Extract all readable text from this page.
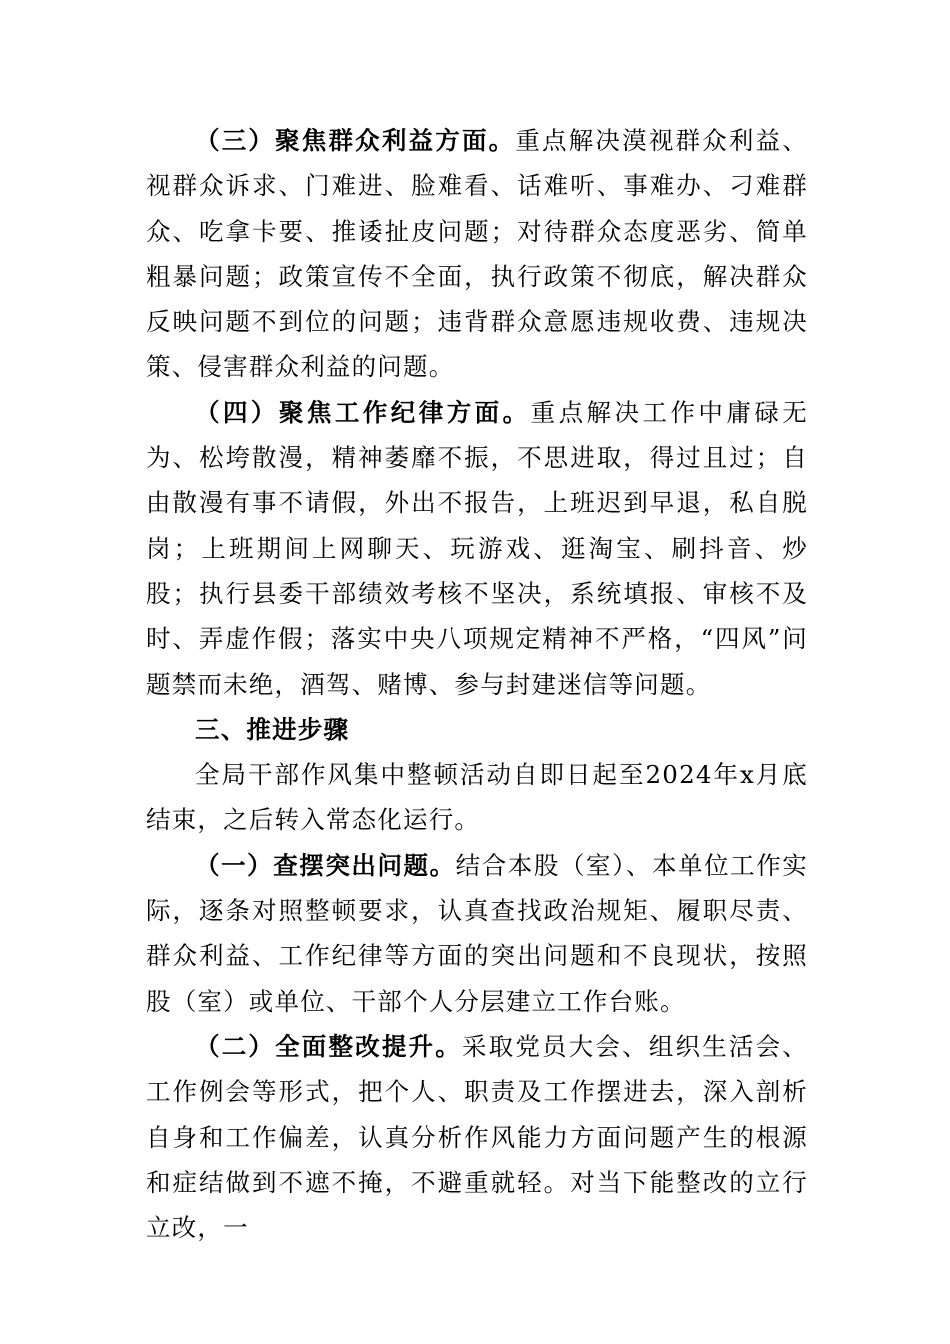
（三）聚焦群众利益方面。重点解决漠视群众利益、视群众诉求、门难进、脸难看、话难听、事难办、刁难群众、吃拿卡要、推诿扯皮问题；对待群众态度恶劣、简单粗暴问题；政策宣传不全面，执行政策不彻底，解决群众反映问题不到位的问题；违背群众意愿违规收费、违规决策、侵害群众利益的问题。

（四）聚焦工作纪律方面。重点解决工作中庸碌无为、松垮散漫，精神萎靡不振，不思进取，得过且过；自由散漫有事不请假，外出不报告，上班迟到早退，私自脱岗；上班期间上网聊天、玩游戏、逛淘宝、刷抖音、炒股；执行县委干部绩效考核不坚决，系统填报、审核不及时、弄虚作假；落实中央八项规定精神不严格，“四风”问题禁而未绝，酒驾、赌博、参与封建迷信等问题。

三、推进步骤

全局干部作风集中整顿活动自即日起至2024年x月底结束，之后转入常态化运行。

（一）查摆突出问题。结合本股（室）、本单位工作实际，逐条对照整顿要求，认真查找政治规矩、履职尽责、群众利益、工作纪律等方面的突出问题和不良现状，按照股（室）或单位、干部个人分层建立工作台账。

（二）全面整改提升。采取党员大会、组织生活会、工作例会等形式，把个人、职责及工作摆进去，深入剖析自身和工作偏差，认真分析作风能力方面问题产生的根源和症结做到不遮不掩，不避重就轻。对当下能整改的立行立改，一
